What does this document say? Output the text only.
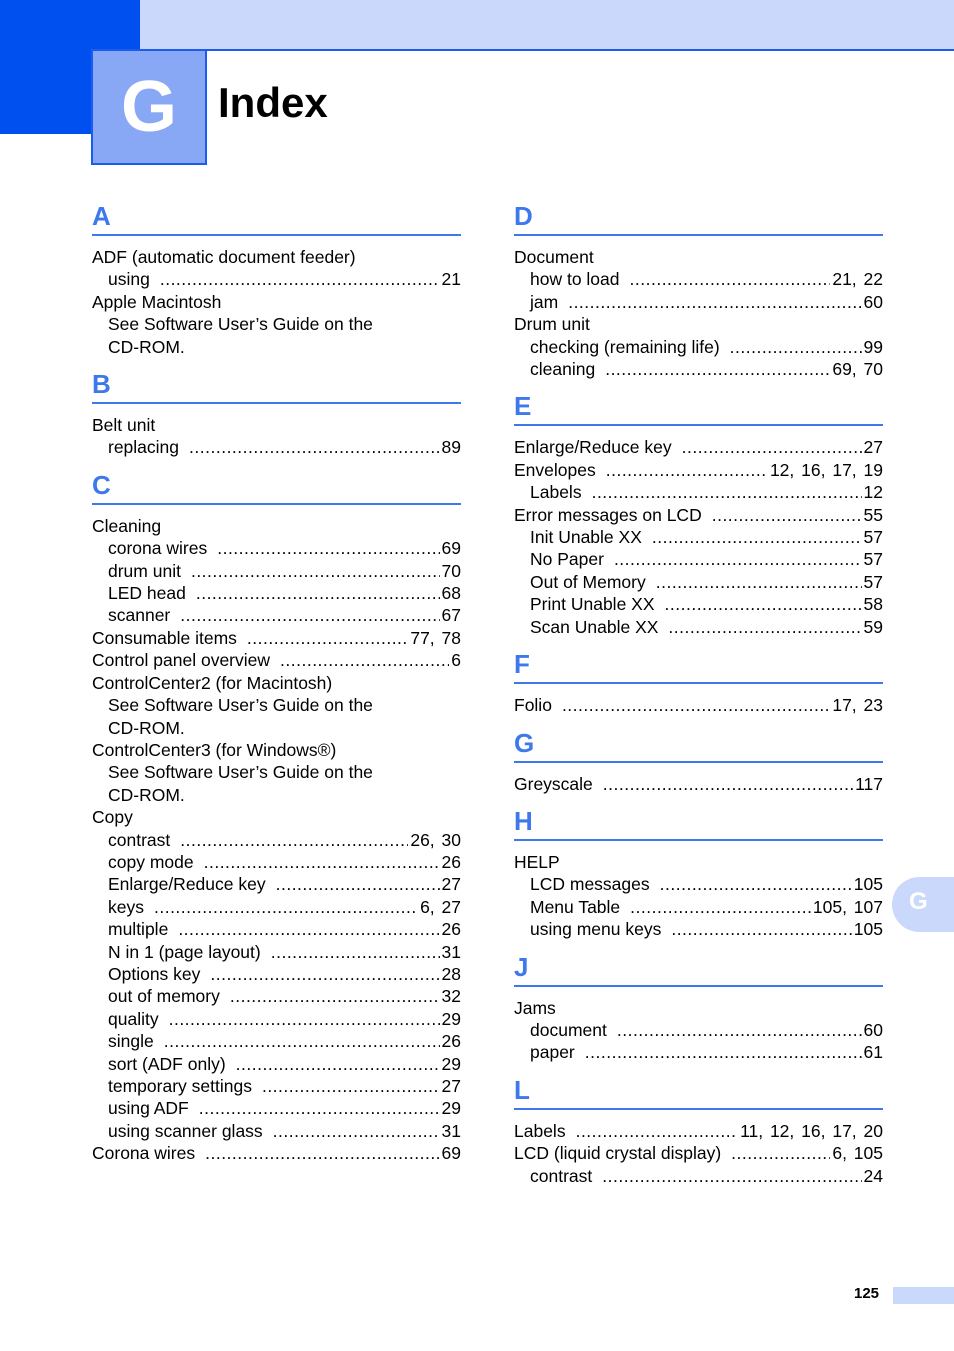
G Index
A
ADF (automatic document feeder)
using .....	21
Apple Macintosh
See Software User’s Guide on the
CD-ROM.
B
Belt unit
replacing .....	89
C
Cleaning
corona wires .....	69
drum unit .....	70
LED head .....	68
scanner .....	67
Consumable items .....	77, 78
Control panel overview .....	6
ControlCenter2 (for Macintosh)
See Software User’s Guide on the
CD-ROM.
ControlCenter3 (for Windows®)
See Software User’s Guide on the
CD-ROM.
Copy
contrast .....	26, 30
copy mode .....	26
Enlarge/Reduce key .....	27
keys .....	6, 27
multiple .....	26
N in 1 (page layout) .....	31
Options key .....	28
out of memory .....	32
quality .....	29
single .....	26
sort (ADF only) .....	29
temporary settings .....	27
using ADF .....	29
using scanner glass .....	31
Corona wires .....	69
D
Document
how to load .....	21, 22
jam .....	60
Drum unit
checking (remaining life) .....	99
cleaning .....	69, 70
E
Enlarge/Reduce key .....	27
Envelopes .....	12, 16, 17, 19
Labels .....	12
Error messages on LCD .....	55
Init Unable XX .....	57
No Paper .....	57
Out of Memory .....	57
Print Unable XX .....	58
Scan Unable XX .....	59
F
Folio .....	17, 23
G
Greyscale .....	117
H
HELP
LCD messages .....	105
Menu Table .....	105, 107
using menu keys .....	105
J
Jams
document .....	60
paper .....	61
L
Labels .....	11, 12, 16, 17, 20
LCD (liquid crystal display) .....	6, 105
contrast .....	24
G
125
